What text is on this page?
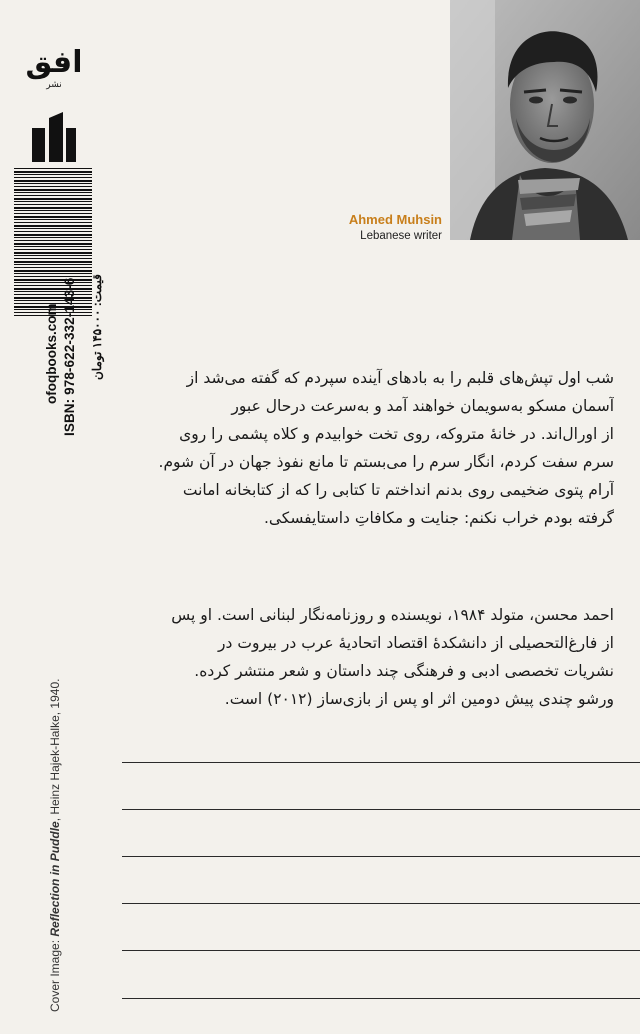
افق
نشر
ofoqbooks.com ISBN: 978-622-332-143-6 قیمت: ۱۴۵۰۰۰ تومان
Cover Image: Reflection in Puddle, Heinz Hajek-Halke, 1940.
Ahmed Muhsin
Lebanese writer
شب اول تپش‌های قلبم را به بادهای آینده سپردم که گفته می‌شد از
آسمان مسکو به‌سویمان خواهند آمد و به‌سرعت درحال عبور
از اورال‌اند. در خانهٔ متروکه، روی تخت خوابیدم و کلاه پشمی را روی
سرم سفت کردم، انگار سرم را می‌بستم تا مانع نفوذ جهان در آن شوم.
آرام پتوی ضخیمی روی بدنم انداختم تا کتابی را که از کتابخانه امانت
گرفته بودم خراب نکنم: جنایت و مکافاتِ داستایفسکی.
احمد محسن، متولد ۱۹۸۴، نویسنده و روزنامه‌نگار لبنانی است. او پس
از فارغ‌التحصیلی از دانشکدهٔ اقتصاد اتحادیهٔ عرب در بیروت در
نشریات تخصصی ادبی و فرهنگی چند داستان و شعر منتشر کرده.
ورشو چندی پیش دومین اثر او پس از بازی‌ساز (۲۰۱۲) است.
